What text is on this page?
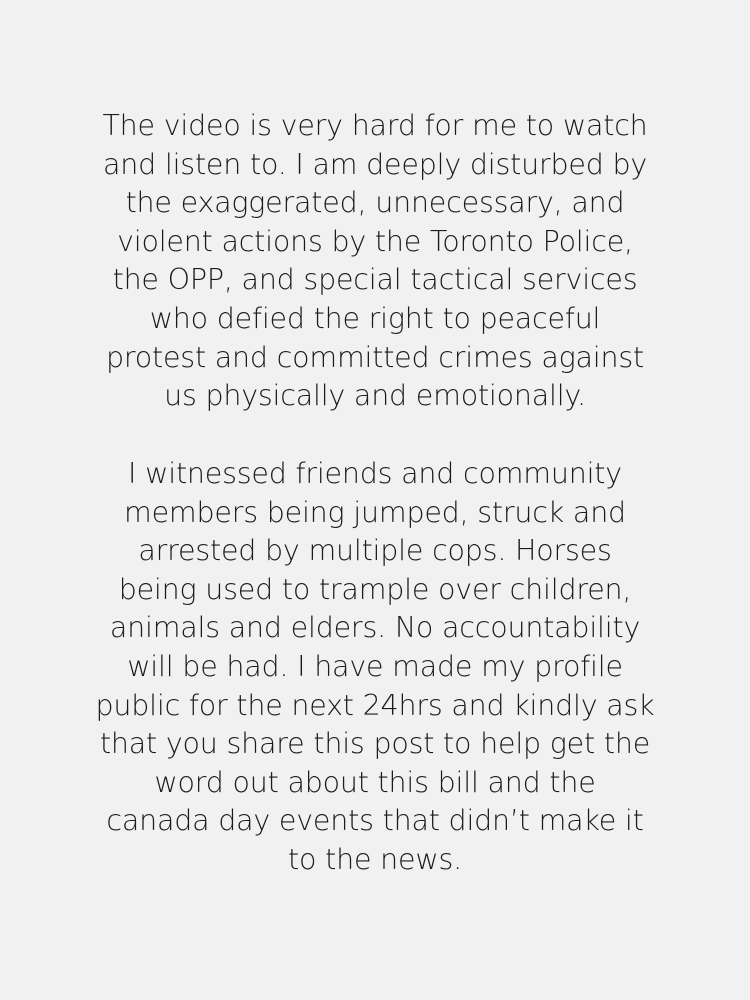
The video is very hard for me to watch
and listen to. I am deeply disturbed by
the exaggerated, unnecessary, and
violent actions by the Toronto Police,
the OPP, and special tactical services
who defied the right to peaceful
protest and committed crimes against
us physically and emotionally.
I witnessed friends and community
members being jumped, struck and
arrested by multiple cops. Horses
being used to trample over children,
animals and elders. No accountability
will be had. I have made my profile
public for the next 24hrs and kindly ask
that you share this post to help get the
word out about this bill and the
canada day events that didn’t make it
to the news.
